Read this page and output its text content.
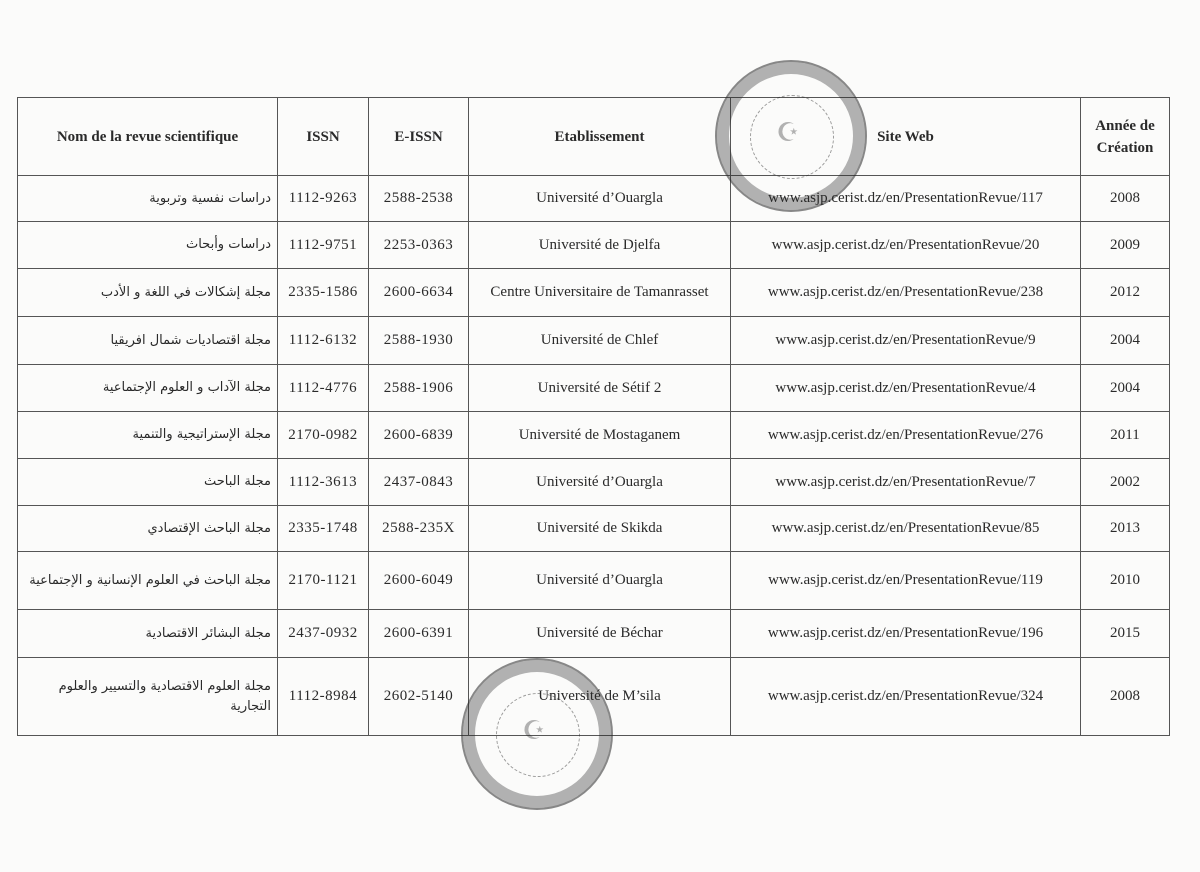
Nom de la revue scientifique	ISSN	E-ISSN	Etablissement	Site Web	Année de Création
دراسات نفسية وتربوية	1112-9263	2588-2538	Université d’Ouargla	www.asjp.cerist.dz/en/PresentationRevue/117	2008
دراسات وأبحاث	1112-9751	2253-0363	Université de Djelfa	www.asjp.cerist.dz/en/PresentationRevue/20	2009
مجلة إشكالات في اللغة و الأدب	2335-1586	2600-6634	Centre Universitaire de Tamanrasset	www.asjp.cerist.dz/en/PresentationRevue/238	2012
مجلة اقتصاديات شمال افريقيا	1112-6132	2588-1930	Université de Chlef	www.asjp.cerist.dz/en/PresentationRevue/9	2004
مجلة الآداب و العلوم الإجتماعية	1112-4776	2588-1906	Université de Sétif 2	www.asjp.cerist.dz/en/PresentationRevue/4	2004
مجلة الإستراتيجية والتنمية	2170-0982	2600-6839	Université de Mostaganem	www.asjp.cerist.dz/en/PresentationRevue/276	2011
مجلة الباحث	1112-3613	2437-0843	Université d’Ouargla	www.asjp.cerist.dz/en/PresentationRevue/7	2002
مجلة الباحث الإقتصادي	2335-1748	2588-235X	Université de Skikda	www.asjp.cerist.dz/en/PresentationRevue/85	2013
مجلة الباحث في العلوم الإنسانية و الإجتماعية	2170-1121	2600-6049	Université d’Ouargla	www.asjp.cerist.dz/en/PresentationRevue/119	2010
مجلة البشائر الاقتصادية	2437-0932	2600-6391	Université de Béchar	www.asjp.cerist.dz/en/PresentationRevue/196	2015
مجلة العلوم الاقتصادية والتسيير والعلوم التجارية	1112-8984	2602-5140	Université de M’sila	www.asjp.cerist.dz/en/PresentationRevue/324	2008
☪
☪
